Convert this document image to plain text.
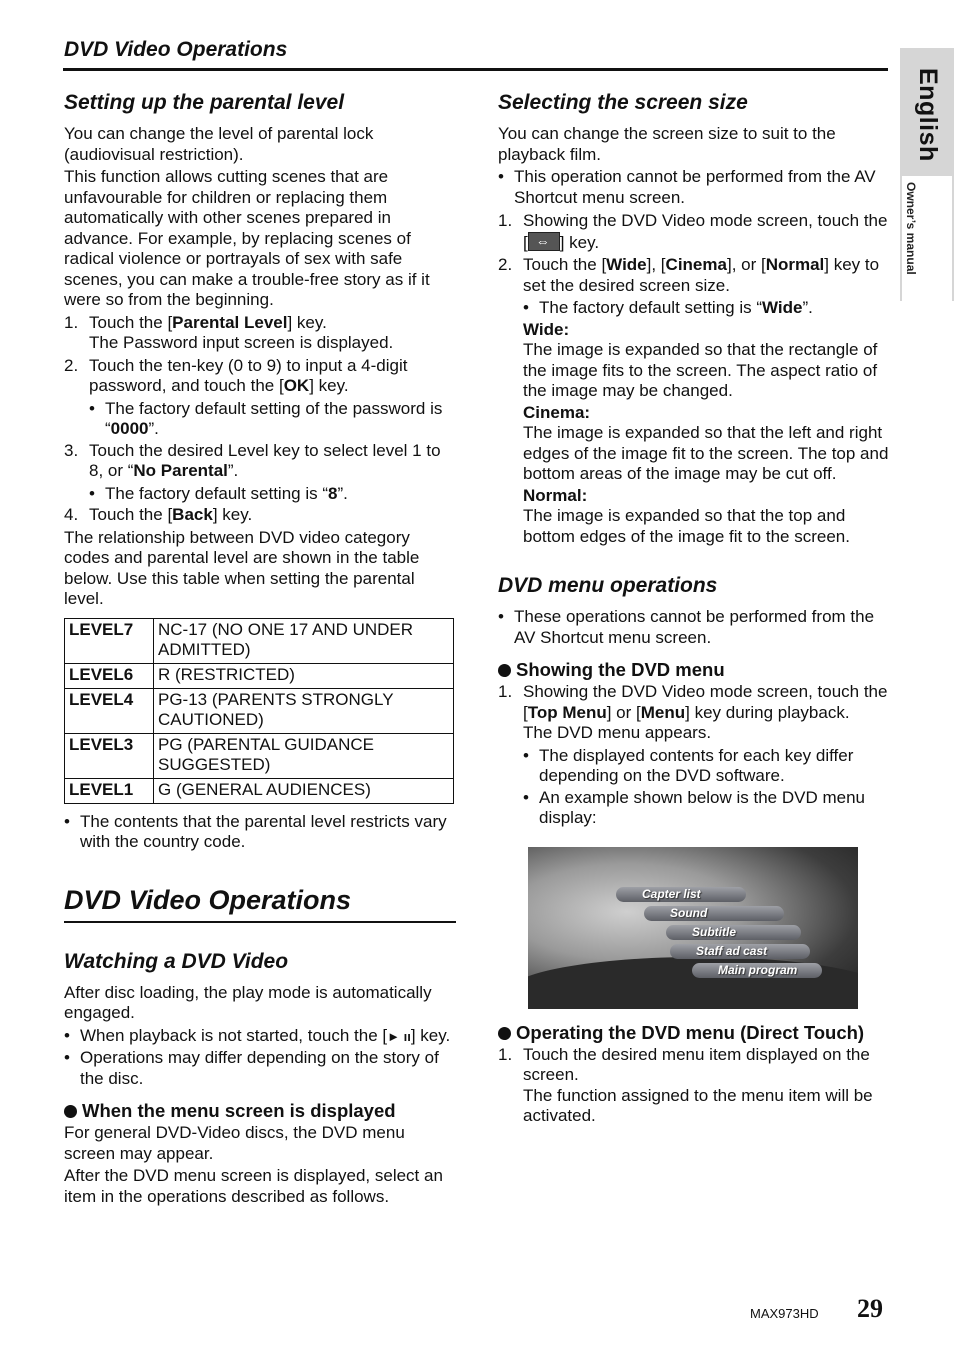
DVD Video Operations
English
Owner’s manual
Setting up the parental level

You can change the level of parental lock (audiovisual restriction).

This function allows cutting scenes that are unfavourable for children or replacing them automatically with other scenes prepared in advance. For example, by replacing scenes of radical violence or portrayals of sex with safe scenes, you can make a trouble-free story as if it were so from the beginning.

1. Touch the [Parental Level] key.
The Password input screen is displayed.
2. Touch the ten-key (0 to 9) to input a 4-digit password, and touch the [OK] key.
• The factory default setting of the password is “0000”.
3. Touch the desired Level key to select level 1 to 8, or “No Parental”.
• The factory default setting is “8”.
4. Touch the [Back] key.

The relationship between DVD video category codes and parental level are shown in the table below. Use this table when setting the parental level.

LEVEL7	NC-17 (NO ONE 17 AND UNDER ADMITTED)
LEVEL6	R (RESTRICTED)
LEVEL4	PG-13 (PARENTS STRONGLY CAUTIONED)
LEVEL3	PG (PARENTAL GUIDANCE SUGGESTED)
LEVEL1	G (GENERAL AUDIENCES)
• The contents that the parental level restricts vary with the country code.
DVD Video Operations
Watching a DVD Video

After disc loading, the play mode is automatically engaged.

• When playback is not started, touch the [► ıı] key.
• Operations may differ depending on the story of the disc.
When the menu screen is displayed

For general DVD-Video discs, the DVD menu screen may appear.

After the DVD menu screen is displayed, select an item in the operations described as follows.

Selecting the screen size

You can change the screen size to suit to the playback film.

• This operation cannot be performed from the AV Shortcut menu screen.
1. Showing the DVD Video mode screen, touch the [ ⇔ ] key.
2. Touch the [Wide], [Cinema], or [Normal] key to set the desired screen size.
• The factory default setting is “Wide”.
Wide:
The image is expanded so that the rectangle of the image fits to the screen. The aspect ratio of the image may be changed.
Cinema:
The image is expanded so that the left and right edges of the image fit to the screen. The top and bottom areas of the image may be cut off.
Normal:
The image is expanded so that the top and bottom edges of the image fit to the screen.
DVD menu operations
• These operations cannot be performed from the AV Shortcut menu screen.
Showing the DVD menu
1. Showing the DVD Video mode screen, touch the [Top Menu] or [Menu] key during playback.
The DVD menu appears.
• The displayed contents for each key differ depending on the DVD software.
• An example shown below is the DVD menu display:
Capter list
Sound
Subtitle
Staff ad cast
Main program
Operating the DVD menu (Direct Touch)
1. Touch the desired menu item displayed on the screen.
The function assigned to the menu item will be activated.
MAX973HD 29
